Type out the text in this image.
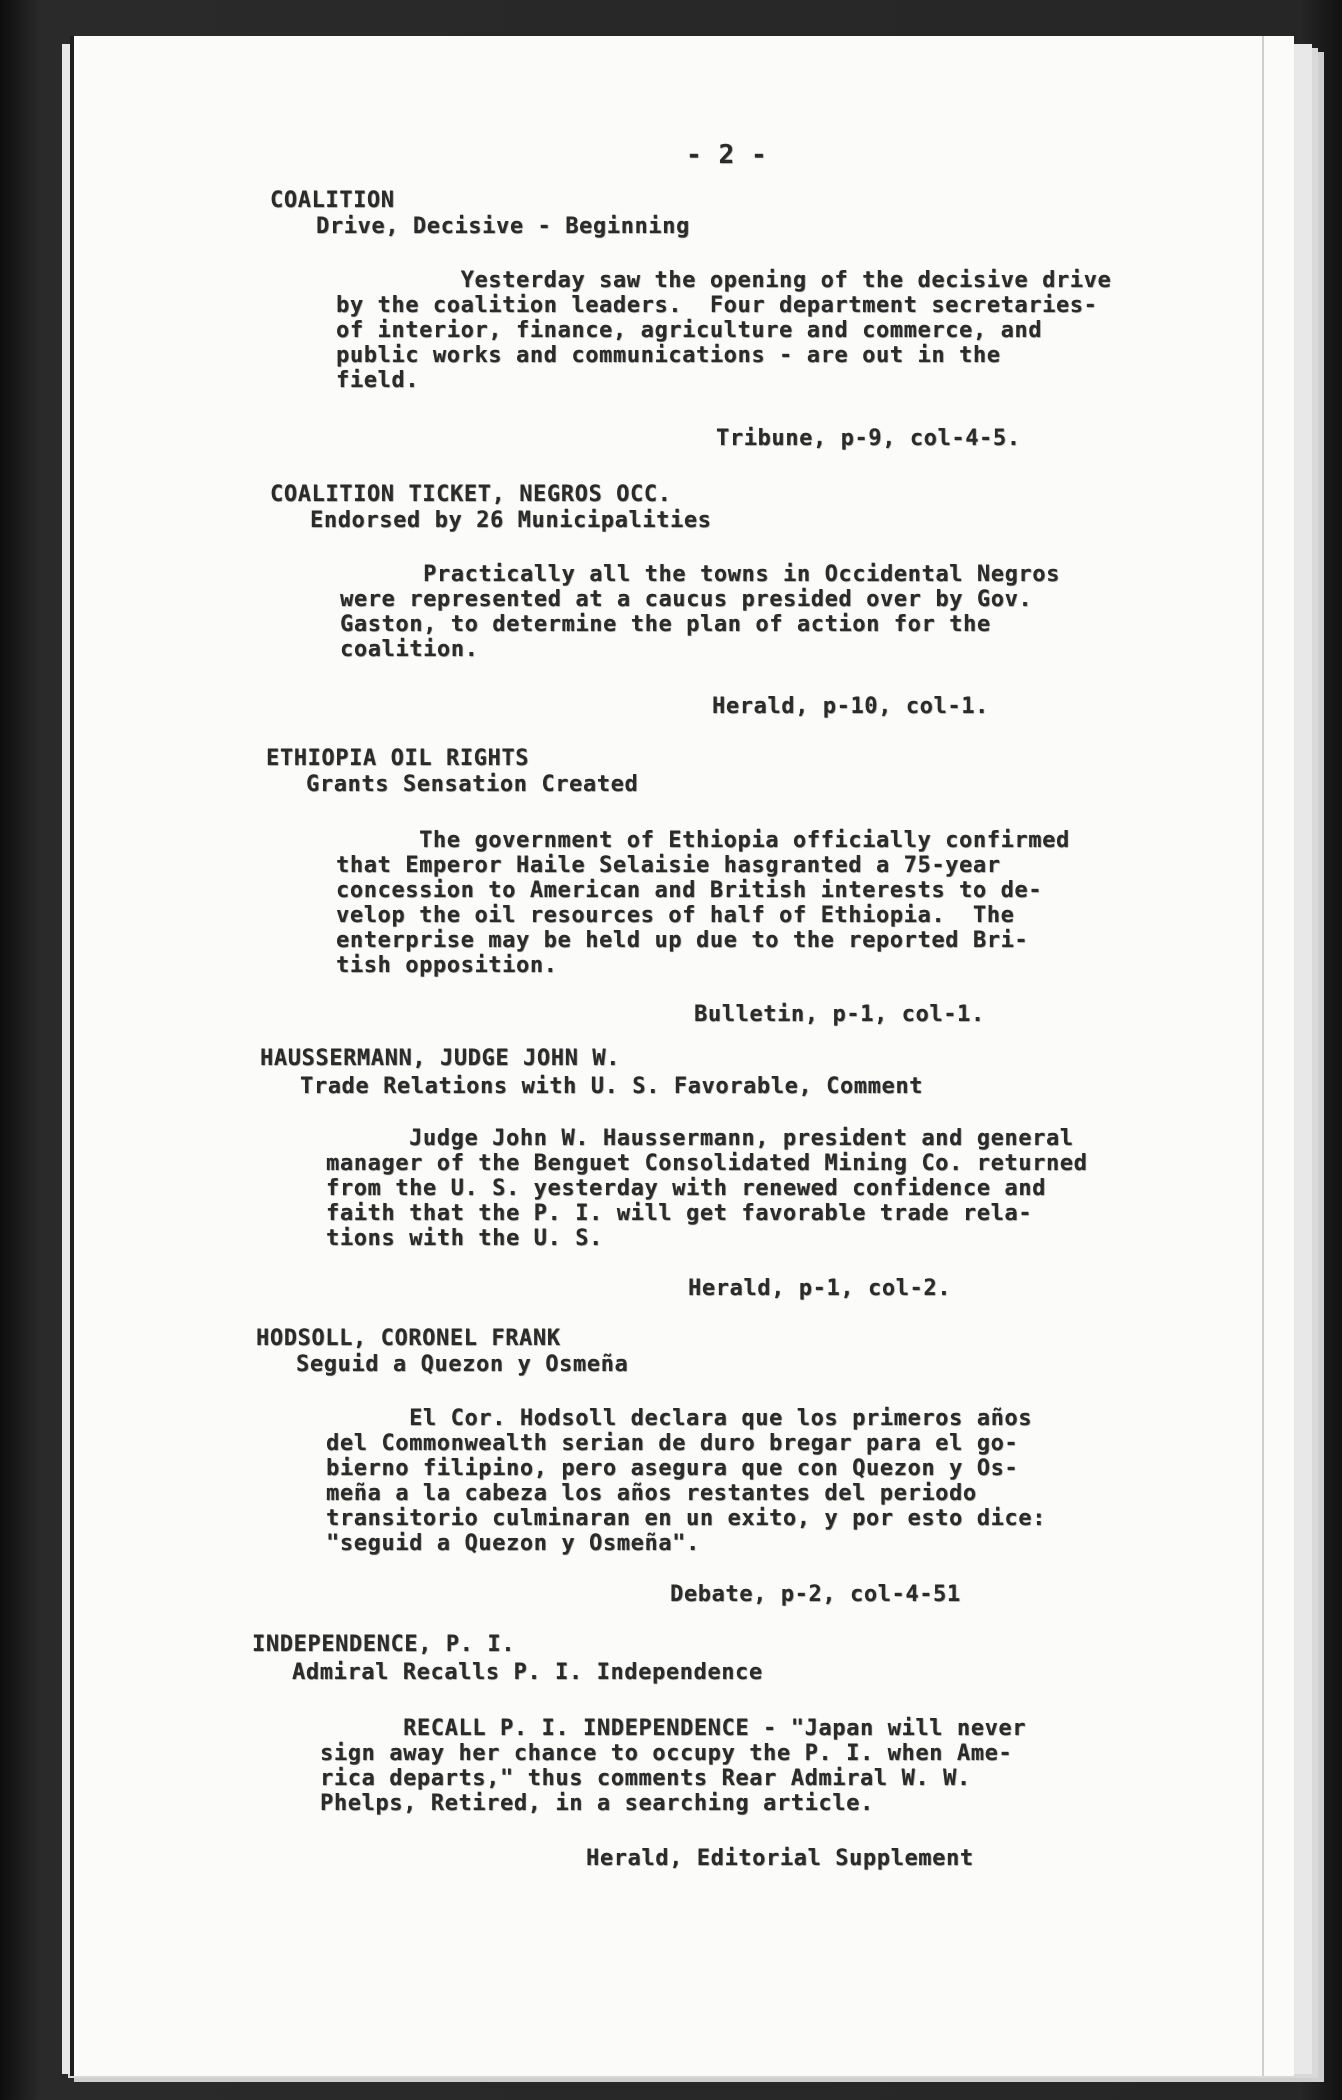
- 2 -
COALITION
Drive, Decisive - Beginning
Yesterday saw the opening of the decisive drive
by the coalition leaders.  Four department secretaries-
of interior, finance, agriculture and commerce, and
public works and communications - are out in the
field.
Tribune, p-9, col-4-5.
COALITION TICKET, NEGROS OCC.
Endorsed by 26 Municipalities
Practically all the towns in Occidental Negros
were represented at a caucus presided over by Gov.
Gaston, to determine the plan of action for the
coalition.
Herald, p-10, col-1.
ETHIOPIA OIL RIGHTS
Grants Sensation Created
The government of Ethiopia officially confirmed
that Emperor Haile Selaisie hasgranted a 75-year
concession to American and British interests to de-
velop the oil resources of half of Ethiopia.  The
enterprise may be held up due to the reported Bri-
tish opposition.
Bulletin, p-1, col-1.
HAUSSERMANN, JUDGE JOHN W.
Trade Relations with U. S. Favorable, Comment
Judge John W. Haussermann, president and general
manager of the Benguet Consolidated Mining Co. returned
from the U. S. yesterday with renewed confidence and
faith that the P. I. will get favorable trade rela-
tions with the U. S.
Herald, p-1, col-2.
HODSOLL, CORONEL FRANK
Seguid a Quezon y Osmeña
El Cor. Hodsoll declara que los primeros años
del Commonwealth serian de duro bregar para el go-
bierno filipino, pero asegura que con Quezon y Os-
meña a la cabeza los años restantes del periodo
transitorio culminaran en un exito, y por esto dice:
"seguid a Quezon y Osmeña".
Debate, p-2, col-4-51
INDEPENDENCE, P. I.
Admiral Recalls P. I. Independence
RECALL P. I. INDEPENDENCE - "Japan will never
sign away her chance to occupy the P. I. when Ame-
rica departs," thus comments Rear Admiral W. W.
Phelps, Retired, in a searching article.
Herald, Editorial Supplement
